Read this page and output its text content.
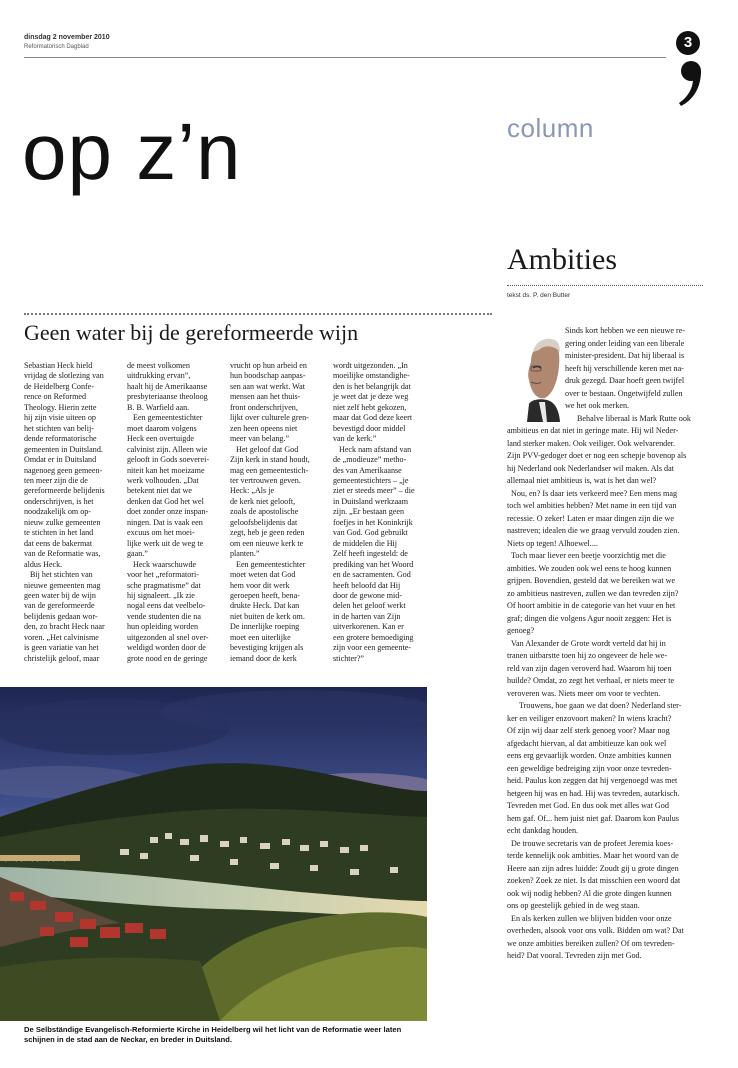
dinsdag 2 november 2010
Reformatorisch Dagblad	3
op z’n	column
Ambities
tekst ds. P. den Butter
Geen water bij de gereformeerde wijn

Sebastian Heck hield

vrijdag de slotlezing van

de Heidelberg Confe-

rence on Reformed

Theology. Hierin zette

hij zijn visie uiteen op

het stichten van belij-

dende reformatorische

gemeenten in Duitsland.

Omdat er in Duitsland

nagenoeg geen gemeen-

ten meer zijn die de

gereformeerde belijdenis

onderschrijven, is het

noodzakelijk om op-

nieuw zulke gemeenten

te stichten in het land

dat eens de bakermat

van de Reformatie was,

aldus Heck.

Bij het stichten van

nieuwe gemeenten mag

geen water bij de wijn

van de gereformeerde

belijdenis gedaan wor-

den, zo bracht Heck naar

voren. „Het calvinisme

is geen variatie van het

christelijk geloof, maar

de meest volkomen

uitdrukking ervan”,

haalt hij de Amerikaanse

presbyteriaanse theoloog

B. B. Warfield aan.

Een gemeentestichter

moet daarom volgens

Heck een overtuigde

calvinist zijn. Alleen wie

gelooft in Gods soeverei-

niteit kan het moeizame

werk volhouden. „Dat

betekent niet dat we

denken dat God het wel

doet zonder onze inspan-

ningen. Dat is vaak een

excuus om het moei-

lijke werk uit de weg te

gaan.”

Heck waarschuwde

voor het „reformatori-

sche pragmatisme” dat

hij signaleert. „Ik zie

nogal eens dat veelbelo-

vende studenten die na

hun opleiding worden

uitgezonden al snel over-

weldigd worden door de

grote nood en de geringe

vrucht op hun arbeid en

hun boodschap aanpas-

sen aan wat werkt. Wat

mensen aan het thuis-

front onderschrijven,

lijkt over culturele gren-

zen heen opeens niet

meer van belang.”

Het geloof dat God

Zijn kerk in stand houdt,

mag een gemeentestich-

ter vertrouwen geven.

Heck: „Als je

de kerk niet gelooft,

zoals de apostolische

geloofsbelijdenis dat

zegt, heb je geen reden

om een nieuwe kerk te

planten.”

Een gemeentestichter

moet weten dat God

hem voor dit werk

geroepen heeft, bena-

drukte Heck. Dat kan

niet buiten de kerk om.

De innerlijke roeping

moet een uiterlijke

bevestiging krijgen als

iemand door de kerk

wordt uitgezonden. „In

moeilijke omstandighe-

den is het belangrijk dat

je weet dat je deze weg

niet zelf hebt gekozen,

maar dat God deze keert

bevestigd door middel

van de kerk.”

Heck nam afstand van

de „modieuze” metho-

des van Amerikaanse

gemeentestichters – „je

ziet er steeds meer” – die

in Duitsland werkzaam

zijn. „Er bestaan geen

foefjes in het Koninkrijk

van God. God gebruikt

de middelen die Hij

Zelf heeft ingesteld: de

prediking van het Woord

en de sacramenten. God

heeft beloofd dat Hij

door de gewone mid-

delen het geloof werkt

in de harten van Zijn

uitverkorenen. Kan er

een grotere bemoediging

zijn voor een gemeente-

stichter?”

De Selbständige Evangelisch-Reformierte Kirche in Heidelberg wil het licht van de Reformatie weer laten

schijnen in de stad aan de Neckar, en breder in Duitsland.

Sinds kort hebben we een nieuwe re-

gering onder leiding van een liberale

minister-president. Dat hij liberaal is

heeft hij verschillende keren met na-

druk gezegd. Daar hoeft geen twijfel

over te bestaan. Ongetwijfeld zullen

we het ook merken.

Behalve liberaal is Mark Rutte ook

ambitieus en dat niet in geringe mate. Hij wil Neder-

land sterker maken. Ook veiliger. Ook welvarender.

Zijn PVV-gedoger doet er nog een schepje bovenop als

hij Nederland ook Nederlandser wil maken. Als dat

allemaal niet ambitieus is, wat is het dan wel?

Nou, en? Is daar iets verkeerd mee? Een mens mag

toch wel ambities hebben? Met name in een tijd van

recessie. O zeker! Laten er maar dingen zijn die we

nastreven; idealen die we graag vervuld zouden zien.

Niets op tegen! Alhoewel....

Toch maar liever een beetje voorzichtig met die

ambities. We zouden ook wel eens te hoog kunnen

grijpen. Bovendien, gesteld dat we bereiken wat we

zo ambitieus nastreven, zullen we dan tevreden zijn?

Of hoort ambitie in de categorie van het vuur en het

graf; dingen die volgens Agur nooit zeggen: Het is

genoeg?

Van Alexander de Grote wordt verteld dat hij in

tranen uitbarstte toen hij zo ongeveer de hele we-

reld van zijn dagen veroverd had. Waarom hij toen

huilde? Omdat, zo zegt het verhaal, er niets meer te

veroveren was. Niets meer om voor te vechten.

Trouwens, hoe gaan we dat doen? Nederland ster-

ker en veiliger enzovoort maken? In wiens kracht?

Of zijn wij daar zelf sterk genoeg voor? Maar nog

afgedacht hiervan, al dat ambitieuze kan ook wel

eens erg gevaarlijk worden. Onze ambities kunnen

een geweldige bedreiging zijn voor onze tevreden-

heid. Paulus kon zeggen dat hij vergenoegd was met

hetgeen hij was en had. Hij was tevreden, autarkisch.

Tevreden met God. En dus ook met alles wat God

hem gaf. Of... hem juist niet gaf. Daarom kon Paulus

echt dankdag houden.

De trouwe secretaris van de profeet Jeremia koes-

terde kennelijk ook ambities. Maar het woord van de

Heere aan zijn adres luidde: Zoudt gij u grote dingen

zoeken? Zoek ze niet. Is dat misschien een woord dat

ook wij nodig hebben? Al die grote dingen kunnen

ons op geestelijk gebied in de weg staan.

En als kerken zullen we blijven bidden voor onze

overheden, alsook voor ons volk. Bidden om wat? Dat

we onze ambities bereiken zullen? Of om tevreden-

heid? Dat vooral. Tevreden zijn met God.
